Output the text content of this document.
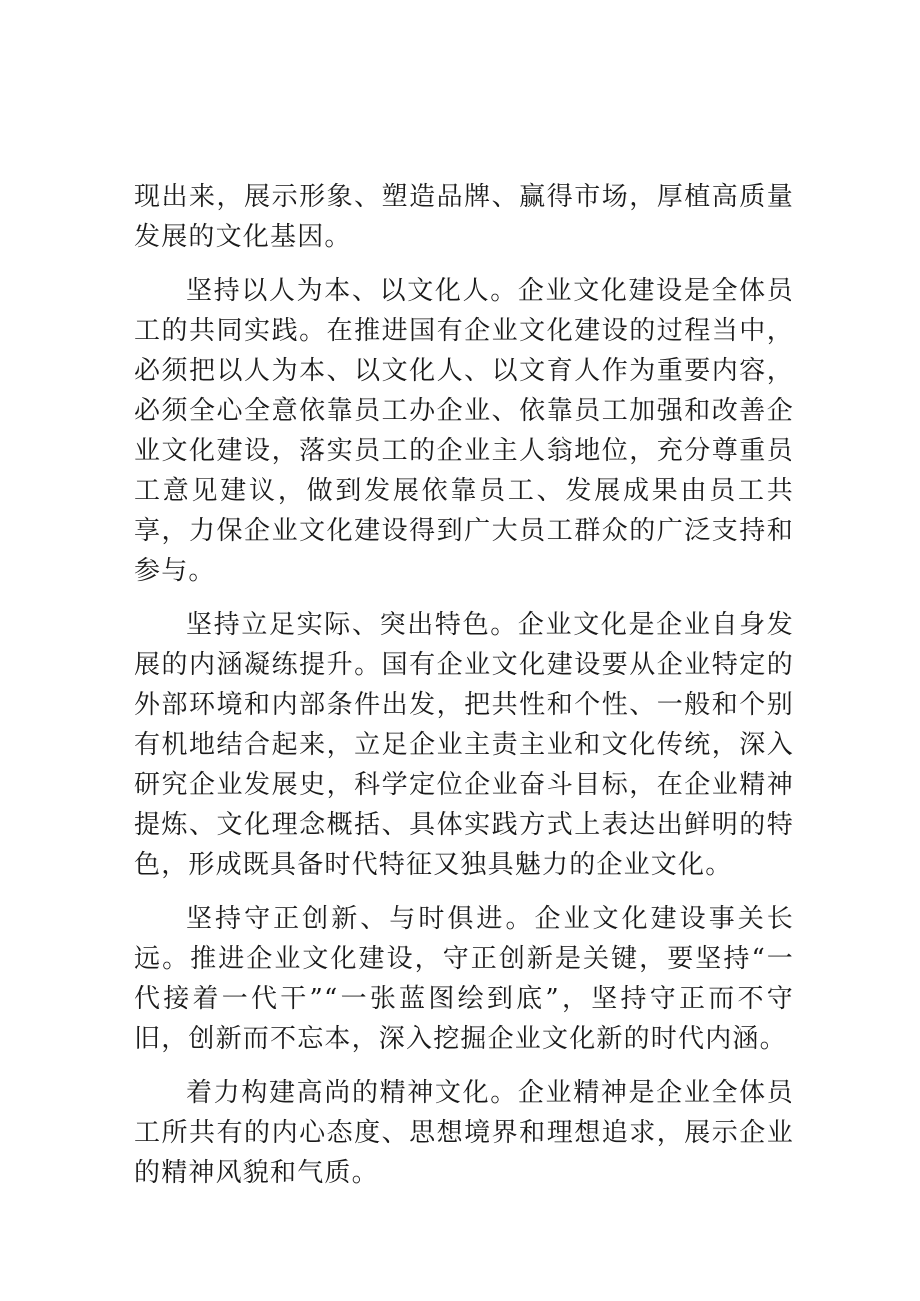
现出来，展示形象、塑造品牌、赢得市场，厚植高质量发展的文化基因。

坚持以人为本、以文化人。企业文化建设是全体员工的共同实践。在推进国有企业文化建设的过程当中，必须把以人为本、以文化人、以文育人作为重要内容，必须全心全意依靠员工办企业、依靠员工加强和改善企业文化建设，落实员工的企业主人翁地位，充分尊重员工意见建议，做到发展依靠员工、发展成果由员工共享，力保企业文化建设得到广大员工群众的广泛支持和参与。

坚持立足实际、突出特色。企业文化是企业自身发展的内涵凝练提升。国有企业文化建设要从企业特定的外部环境和内部条件出发，把共性和个性、一般和个别有机地结合起来，立足企业主责主业和文化传统，深入研究企业发展史，科学定位企业奋斗目标，在企业精神提炼、文化理念概括、具体实践方式上表达出鲜明的特色，形成既具备时代特征又独具魅力的企业文化。

坚持守正创新、与时俱进。企业文化建设事关长远。推进企业文化建设，守正创新是关键，要坚持“一代接着一代干”“一张蓝图绘到底”，坚持守正而不守旧，创新而不忘本，深入挖掘企业文化新的时代内涵。

着力构建高尚的精神文化。企业精神是企业全体员工所共有的内心态度、思想境界和理想追求，展示企业的精神风貌和气质。
